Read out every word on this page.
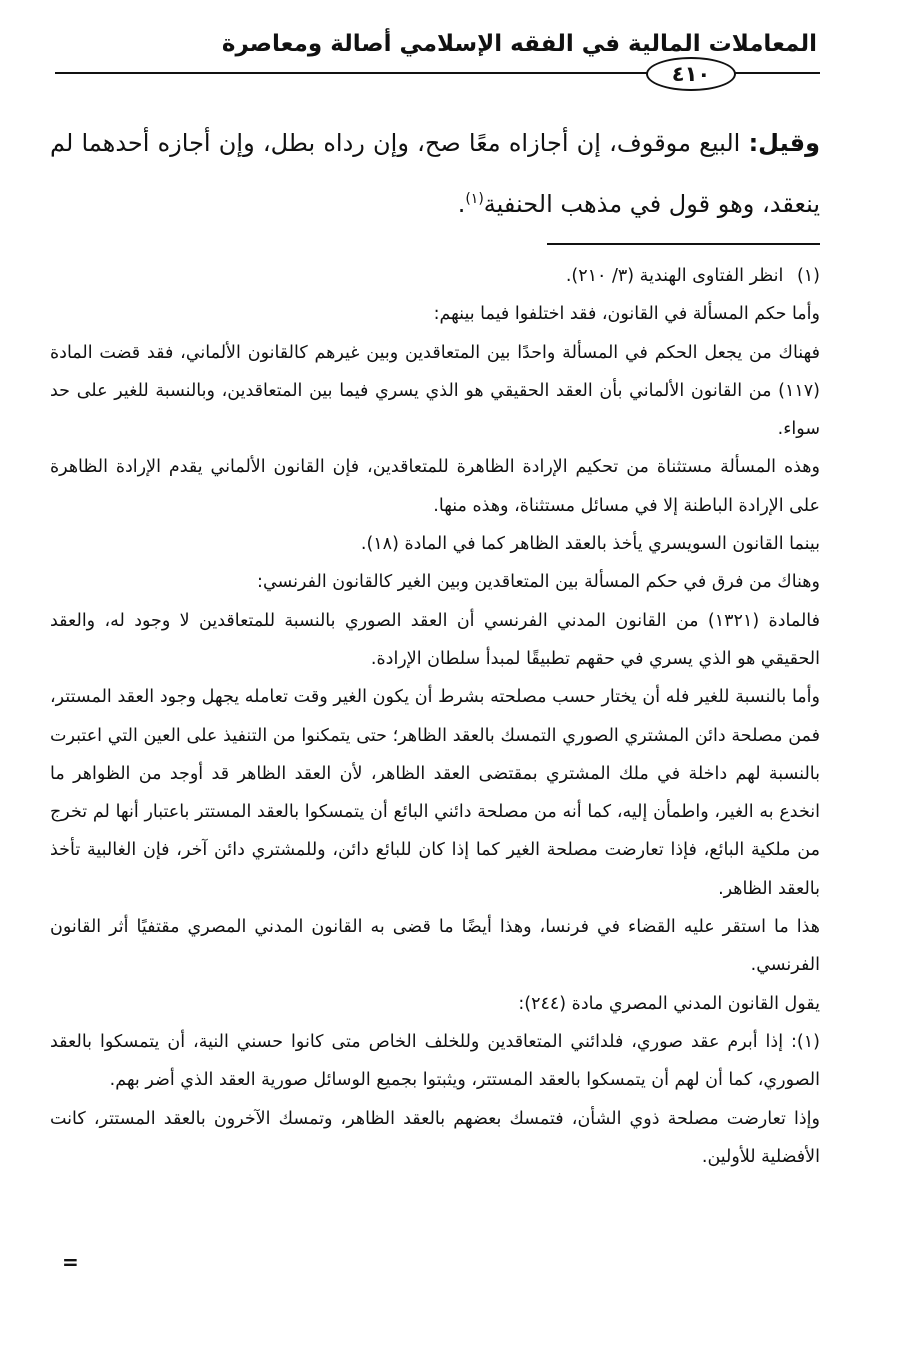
المعاملات المالية في الفقه الإسلامي أصالة ومعاصرة
٤١٠
وقيل: البيع موقوف، إن أجازاه معًا صح، وإن رداه بطل، وإن أجازه أحدهما لم ينعقد، وهو قول في مذهب الحنفية$^{(١)}$.

(١) انظر الفتاوى الهندية (٣/ ٢١٠).

وأما حكم المسألة في القانون، فقد اختلفوا فيما بينهم:

فهناك من يجعل الحكم في المسألة واحدًا بين المتعاقدين وبين غيرهم كالقانون الألماني، فقد قضت المادة (١١٧) من القانون الألماني بأن العقد الحقيقي هو الذي يسري فيما بين المتعاقدين، وبالنسبة للغير على حد سواء.

وهذه المسألة مستثناة من تحكيم الإرادة الظاهرة للمتعاقدين، فإن القانون الألماني يقدم الإرادة الظاهرة على الإرادة الباطنة إلا في مسائل مستثناة، وهذه منها.

بينما القانون السويسري يأخذ بالعقد الظاهر كما في المادة (١٨).

وهناك من فرق في حكم المسألة بين المتعاقدين وبين الغير كالقانون الفرنسي:

فالمادة (١٣٢١) من القانون المدني الفرنسي أن العقد الصوري بالنسبة للمتعاقدين لا وجود له، والعقد الحقيقي هو الذي يسري في حقهم تطبيقًا لمبدأ سلطان الإرادة.

وأما بالنسبة للغير فله أن يختار حسب مصلحته بشرط أن يكون الغير وقت تعامله يجهل وجود العقد المستتر، فمن مصلحة دائن المشتري الصوري التمسك بالعقد الظاهر؛ حتى يتمكنوا من التنفيذ على العين التي اعتبرت بالنسبة لهم داخلة في ملك المشتري بمقتضى العقد الظاهر، لأن العقد الظاهر قد أوجد من الظواهر ما انخدع به الغير، واطمأن إليه، كما أنه من مصلحة دائني البائع أن يتمسكوا بالعقد المستتر باعتبار أنها لم تخرج من ملكية البائع، فإذا تعارضت مصلحة الغير كما إذا كان للبائع دائن، وللمشتري دائن آخر، فإن الغالبية تأخذ بالعقد الظاهر.

هذا ما استقر عليه القضاء في فرنسا، وهذا أيضًا ما قضى به القانون المدني المصري مقتفيًا أثر القانون الفرنسي.

يقول القانون المدني المصري مادة (٢٤٤):

(١): إذا أبرم عقد صوري، فلدائني المتعاقدين وللخلف الخاص متى كانوا حسني النية، أن يتمسكوا بالعقد الصوري، كما أن لهم أن يتمسكوا بالعقد المستتر، ويثبتوا بجميع الوسائل صورية العقد الذي أضر بهم.

وإذا تعارضت مصلحة ذوي الشأن، فتمسك بعضهم بالعقد الظاهر، وتمسك الآخرون بالعقد المستتر، كانت الأفضلية للأولين.

=
